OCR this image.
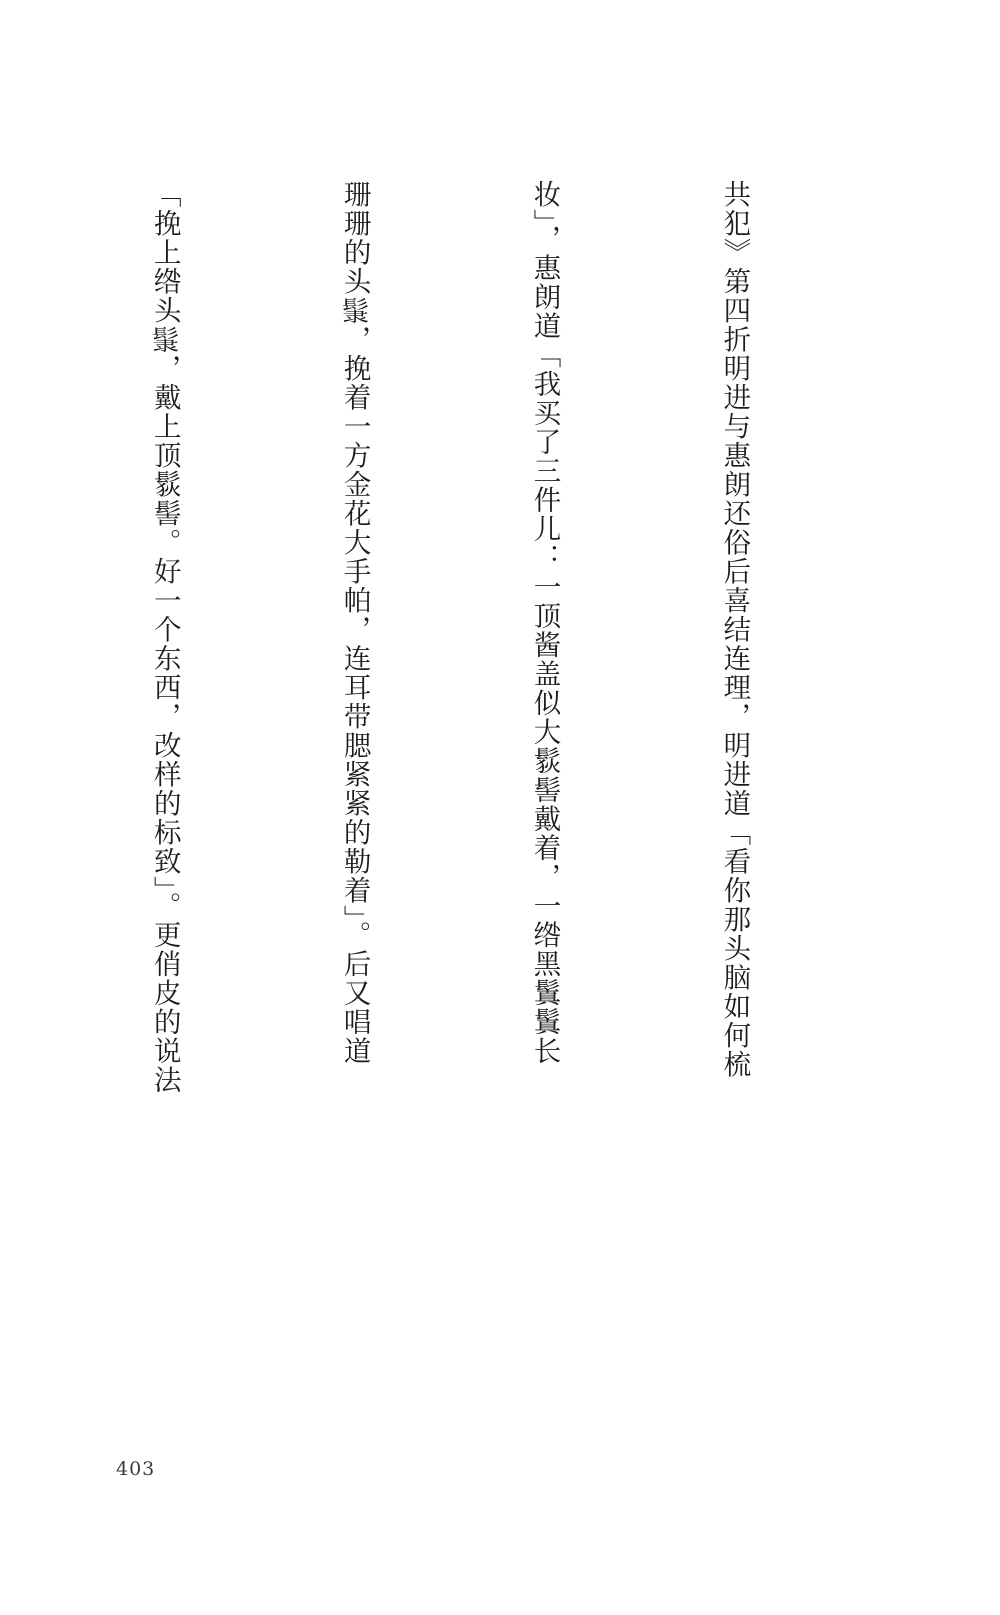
共犯》第四折明进与惠朗还俗后喜结连理，明进道「看你那头脑如何梳

妆」，惠朗道「我买了三件儿：一顶酱盖似大䯼髻戴着，一绺黑鬒鬒长

珊珊的头𩭞，挽着一方金花大手帕，连耳带腮紧紧的勒着」。后又唱道

「挽上绺头𩭞，戴上顶䯼髻。好一个东西，改样的标致」。更俏皮的说法

403
